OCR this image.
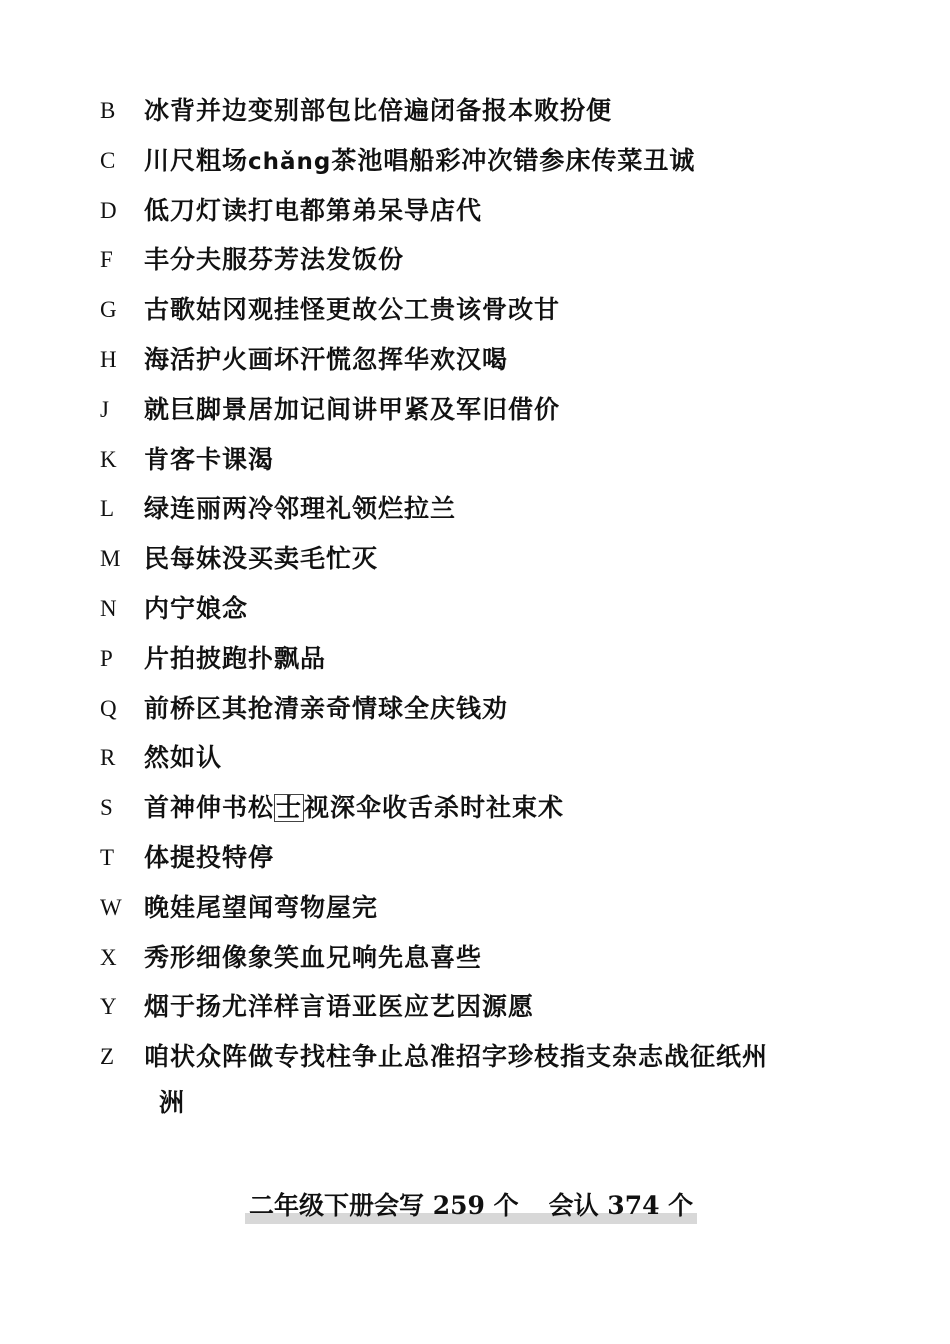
B	冰背并边变别部包比倍遍闭备报本败扮便
C	川尺粗场chǎng茶池唱船彩冲次错参床传菜丑诚
D	低刀灯读打电都第弟呆导店代
F	丰分夫服芬芳法发饭份
G	古歌姑冈观挂怪更故公工贵该骨改甘
H	海活护火画坏汗慌忽挥华欢汉喝
J	就巨脚景居加记间讲甲紧及军旧借价
K	肯客卡课渴
L	绿连丽两冷邻理礼领烂拉兰
M 民每妹没买卖毛忙灭
N	内宁娘念
P	片拍披跑扑飘品
Q	前桥区其抢清亲奇情球全庆钱劝
R	然如认
S	首神伸书松士视深伞收舌杀时社束术
T	体提投特停
W 晚娃尾望闻弯物屋完
X	秀形细像象笑血兄响先息喜些
Y	烟于扬尤洋样言语亚医应艺因源愿
Z	咱状众阵做专找柱争止总准招字珍枝指支杂志战征纸州
洲
二年级下册会写 259 个 会认 374 个
